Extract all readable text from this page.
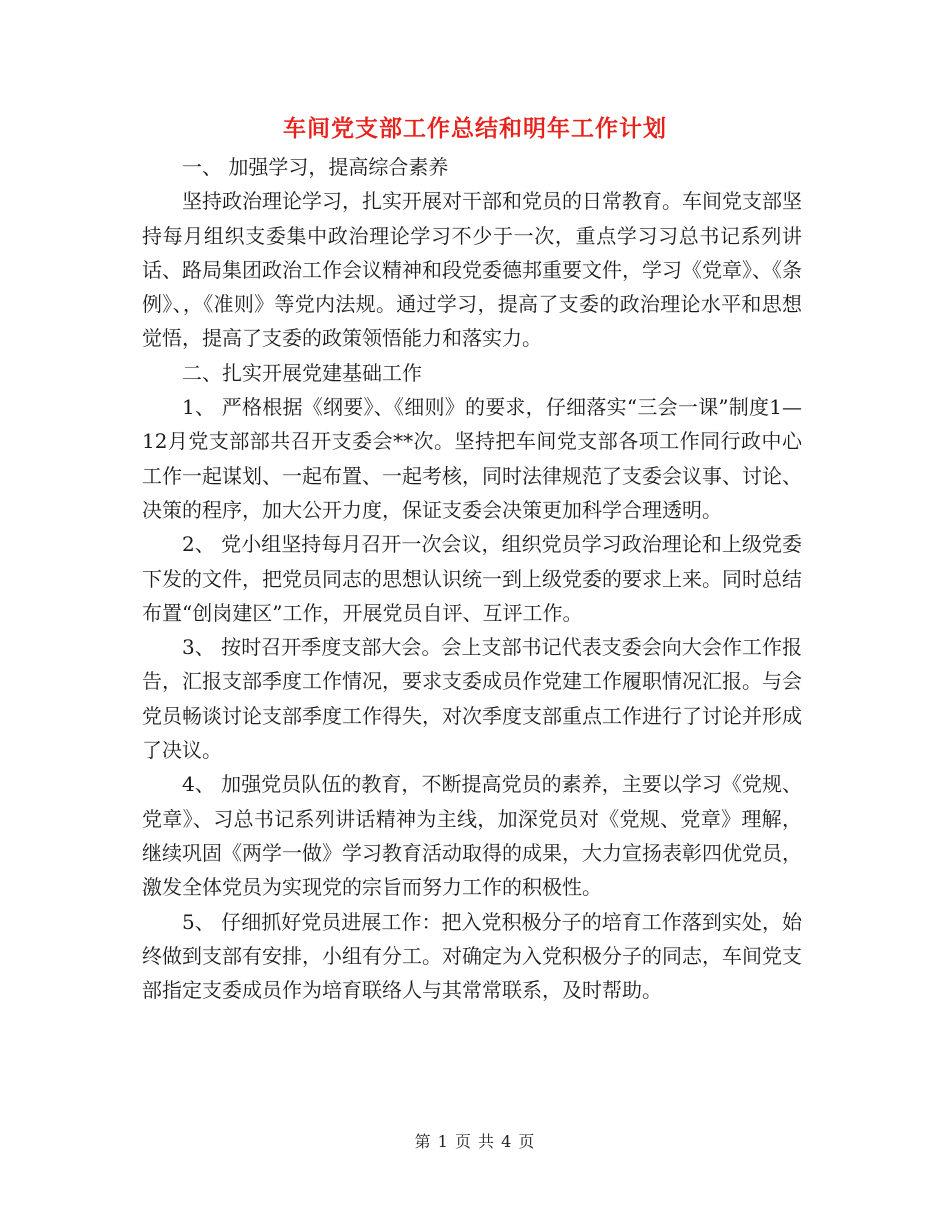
车间党支部工作总结和明年工作计划

一、 加强学习，提高综合素养

坚持政治理论学习，扎实开展对干部和党员的日常教育。车间党支部坚持每月组织支委集中政治理论学习不少于一次，重点学习习总书记系列讲话、路局集团政治工作会议精神和段党委德邦重要文件，学习《党章》、《条例》、，《准则》等党内法规。通过学习，提高了支委的政治理论水平和思想觉悟，提高了支委的政策领悟能力和落实力。

二、扎实开展党建基础工作

1、 严格根据《纲要》、《细则》的要求，仔细落实“三会一课”制度1—12月党支部部共召开支委会**次。坚持把车间党支部各项工作同行政中心工作一起谋划、一起布置、一起考核，同时法律规范了支委会议事、讨论、决策的程序，加大公开力度，保证支委会决策更加科学合理透明。

2、 党小组坚持每月召开一次会议，组织党员学习政治理论和上级党委下发的文件，把党员同志的思想认识统一到上级党委的要求上来。同时总结布置“创岗建区”工作，开展党员自评、互评工作。

3、 按时召开季度支部大会。会上支部书记代表支委会向大会作工作报告，汇报支部季度工作情况，要求支委成员作党建工作履职情况汇报。与会党员畅谈讨论支部季度工作得失，对次季度支部重点工作进行了讨论并形成了决议。

4、 加强党员队伍的教育，不断提高党员的素养，主要以学习《党规、党章》、习总书记系列讲话精神为主线，加深党员对《党规、党章》理解，继续巩固《两学一做》学习教育活动取得的成果，大力宣扬表彰四优党员，激发全体党员为实现党的宗旨而努力工作的积极性。

5、 仔细抓好党员进展工作：把入党积极分子的培育工作落到实处，始终做到支部有安排，小组有分工。对确定为入党积极分子的同志，车间党支部指定支委成员作为培育联络人与其常常联系，及时帮助。

第 1 页 共 4 页
